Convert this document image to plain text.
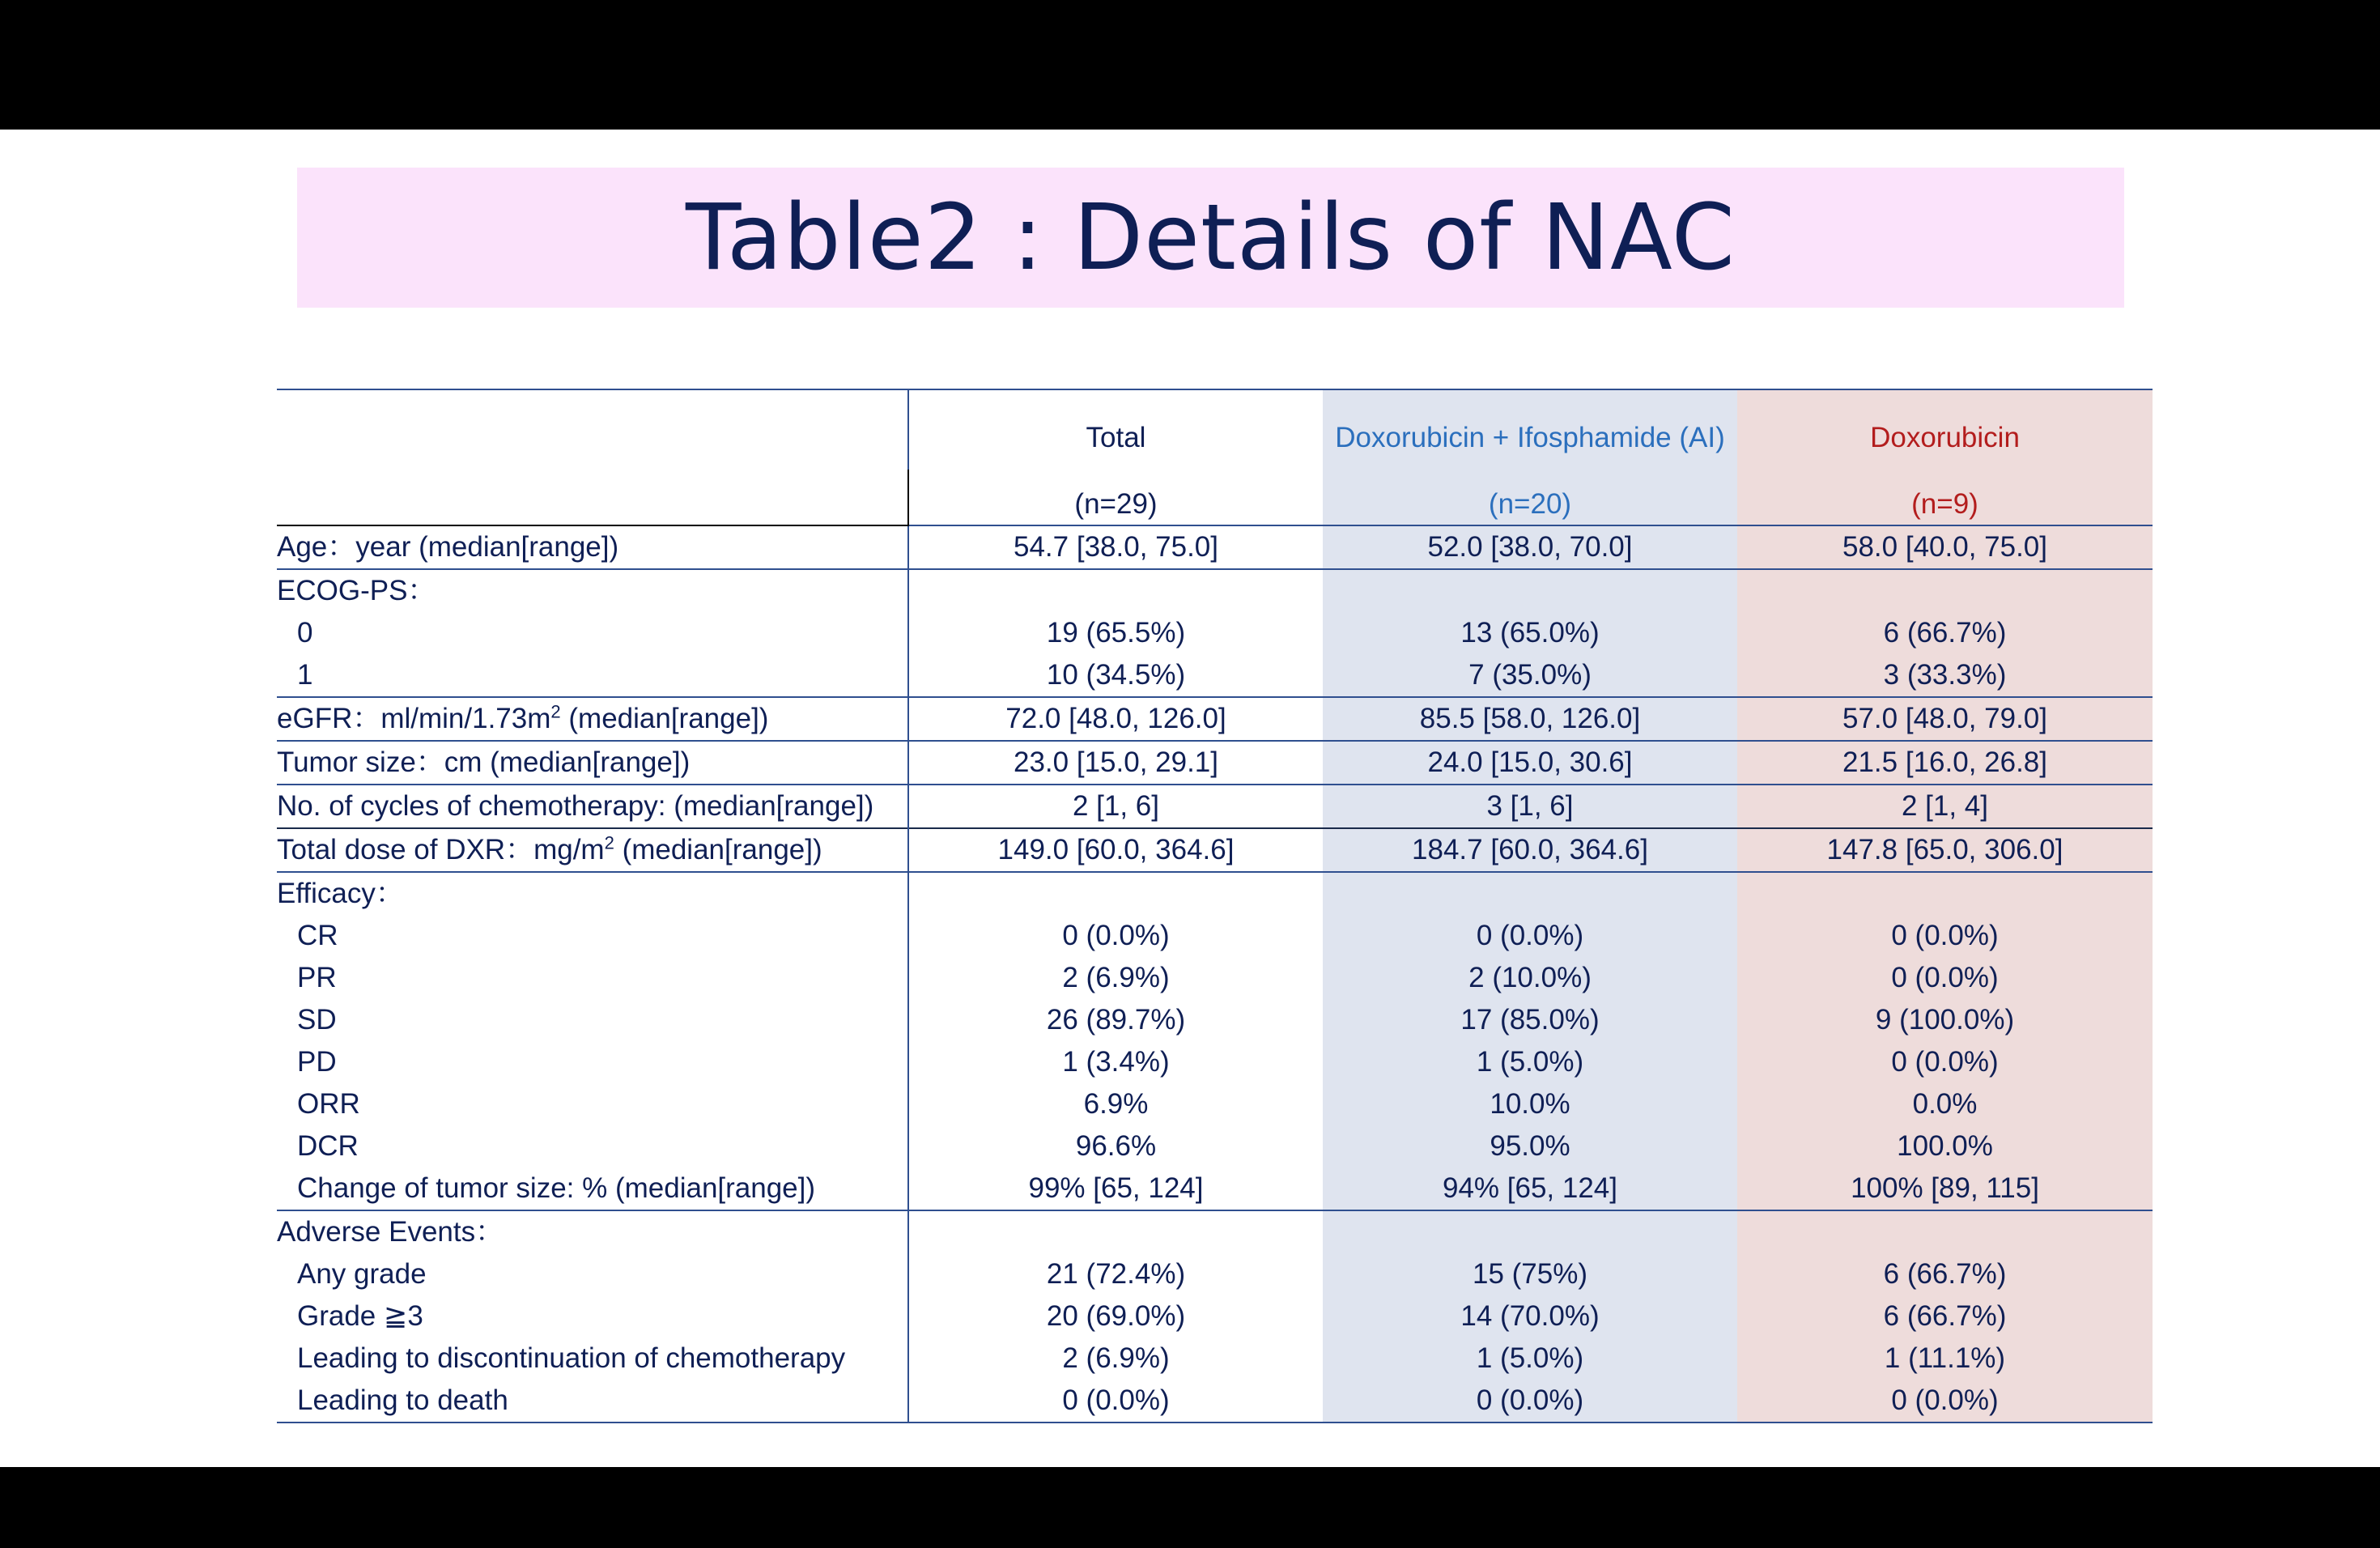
Table2 : Details of NAC
	Total	Doxorubicin + Ifosphamide (AI)	Doxorubicin
	(n=29)	(n=20)	(n=9)
Age：year (median[range])	54.7 [38.0, 75.0]	52.0 [38.0, 70.0]	58.0 [40.0, 75.0]
ECOG-PS：			
0	19 (65.5%)	13 (65.0%)	6 (66.7%)
1	10 (34.5%)	7 (35.0%)	3 (33.3%)
eGFR：$ml/\min/1.73m^2$ (median[range])	72.0 [48.0, 126.0]	85.5 [58.0, 126.0]	57.0 [48.0, 79.0]
Tumor size：cm (median[range])	23.0 [15.0, 29.1]	24.0 [15.0, 30.6]	21.5 [16.0, 26.8]
No. of cycles of chemotherapy: (median[range])	2 [1, 6]	3 [1, 6]	2 [1, 4]
Total dose of DXR：$mg/m^2$ (median[range])	149.0 [60.0, 364.6]	184.7 [60.0, 364.6]	147.8 [65.0, 306.0]
Efficacy：			
CR	0 (0.0%)	0 (0.0%)	0 (0.0%)
PR	2 (6.9%)	2 (10.0%)	0 (0.0%)
SD	26 (89.7%)	17 (85.0%)	9 (100.0%)
PD	1 (3.4%)	1 (5.0%)	0 (0.0%)
ORR	6.9%	10.0%	0.0%
DCR	96.6%	95.0%	100.0%
Change of tumor size: % (median[range])	99% [65, 124]	94% [65, 124]	100% [89, 115]
Adverse Events：			
Any grade	21 (72.4%)	15 (75%)	6 (66.7%)
Grade ≧3	20 (69.0%)	14 (70.0%)	6 (66.7%)
Leading to discontinuation of chemotherapy	2 (6.9%)	1 (5.0%)	1 (11.1%)
Leading to death	0 (0.0%)	0 (0.0%)	0 (0.0%)
